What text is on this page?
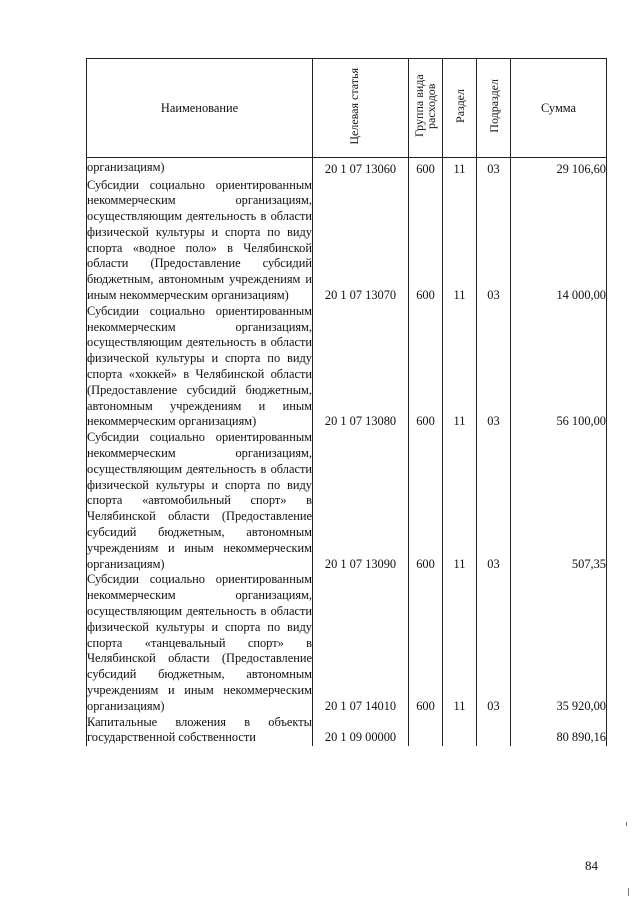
Наименование	Целевая статья	Группа вида расходов	Раздел	Подраздел	Сумма
организациям)	20 1 07 13060	600	11	03	29 106,60
Субсидии социально ориентированным некоммерческим организациям, осуществляющим деятельность в области физической культуры и спорта по виду спорта «водное поло» в Челябинской области (Предоставление субсидий бюджетным, автономным учреждениям и иным некоммерческим организациям)	20 1 07 13070	600	11	03	14 000,00
Субсидии социально ориентированным некоммерческим организациям, осуществляющим деятельность в области физической культуры и спорта по виду спорта «хоккей» в Челябинской области (Предоставление субсидий бюджетным, автономным учреждениям и иным некоммерческим организациям)	20 1 07 13080	600	11	03	56 100,00
Субсидии социально ориентированным некоммерческим организациям, осуществляющим деятельность в области физической культуры и спорта по виду спорта «автомобильный спорт» в Челябинской области (Предоставление субсидий бюджетным, автономным учреждениям и иным некоммерческим организациям)	20 1 07 13090	600	11	03	507,35
Субсидии социально ориентированным некоммерческим организациям, осуществляющим деятельность в области физической культуры и спорта по виду спорта «танцевальный спорт» в Челябинской области (Предоставление субсидий бюджетным, автономным учреждениям и иным некоммерческим организациям)	20 1 07 14010	600	11	03	35 920,00
Капитальные вложения в объекты государственной собственности	20 1 09 00000				80 890,16
84
